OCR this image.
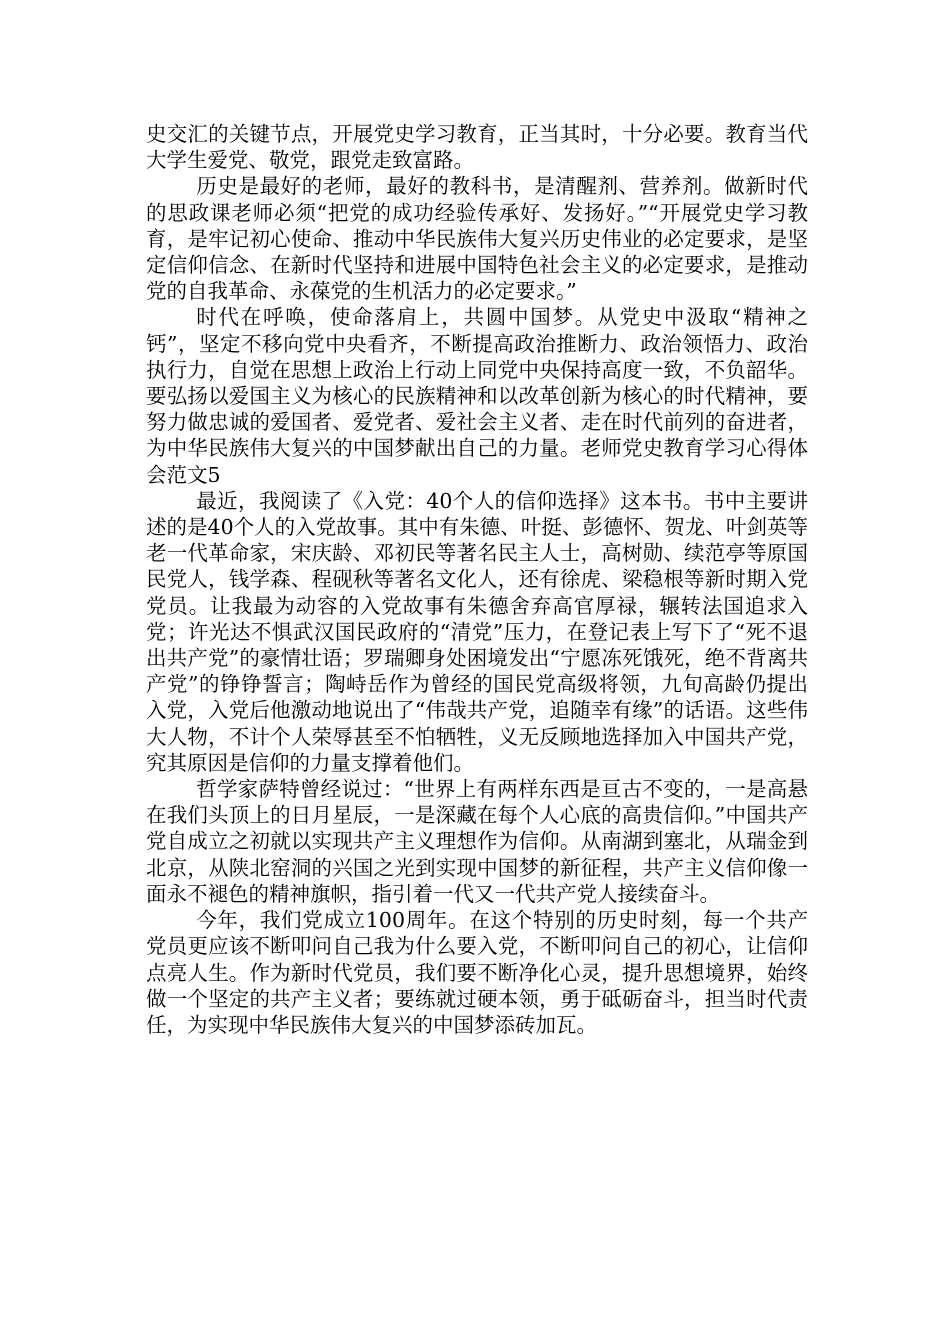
史交汇的关键节点，开展党史学习教育，正当其时，十分必要。教育当代大学生爱党、敬党，跟党走致富路。

历史是最好的老师，最好的教科书，是清醒剂、营养剂。做新时代的思政课老师必须“把党的成功经验传承好、发扬好。”“开展党史学习教育，是牢记初心使命、推动中华民族伟大复兴历史伟业的必定要求，是坚定信仰信念、在新时代坚持和进展中国特色社会主义的必定要求，是推动党的自我革命、永葆党的生机活力的必定要求。”

时代在呼唤，使命落肩上，共圆中国梦。从党史中汲取“精神之钙”，坚定不移向党中央看齐，不断提高政治推断力、政治领悟力、政治执行力，自觉在思想上政治上行动上同党中央保持高度一致，不负韶华。要弘扬以爱国主义为核心的民族精神和以改革创新为核心的时代精神，要努力做忠诚的爱国者、爱党者、爱社会主义者、走在时代前列的奋进者，为中华民族伟大复兴的中国梦献出自己的力量。老师党史教育学习心得体会范文5

最近，我阅读了《入党：40个人的信仰选择》这本书。书中主要讲述的是40个人的入党故事。其中有朱德、叶挺、彭德怀、贺龙、叶剑英等老一代革命家，宋庆龄、邓初民等著名民主人士，高树勋、续范亭等原国民党人，钱学森、程砚秋等著名文化人，还有徐虎、梁稳根等新时期入党党员。让我最为动容的入党故事有朱德舍弃高官厚禄，辗转法国追求入党；许光达不惧武汉国民政府的“清党”压力，在登记表上写下了“死不退出共产党”的豪情壮语；罗瑞卿身处困境发出“宁愿冻死饿死，绝不背离共产党”的铮铮誓言；陶峙岳作为曾经的国民党高级将领，九旬高龄仍提出入党，入党后他激动地说出了“伟哉共产党，追随幸有缘”的话语。这些伟大人物，不计个人荣辱甚至不怕牺牲，义无反顾地选择加入中国共产党，究其原因是信仰的力量支撑着他们。

哲学家萨特曾经说过：“世界上有两样东西是亘古不变的，一是高悬在我们头顶上的日月星辰，一是深藏在每个人心底的高贵信仰。”中国共产党自成立之初就以实现共产主义理想作为信仰。从南湖到塞北，从瑞金到北京，从陕北窑洞的兴国之光到实现中国梦的新征程，共产主义信仰像一面永不褪色的精神旗帜，指引着一代又一代共产党人接续奋斗。

今年，我们党成立100周年。在这个特别的历史时刻，每一个共产党员更应该不断叩问自己我为什么要入党，不断叩问自己的初心，让信仰点亮人生。作为新时代党员，我们要不断净化心灵，提升思想境界，始终做一个坚定的共产主义者；要练就过硬本领，勇于砥砺奋斗，担当时代责任，为实现中华民族伟大复兴的中国梦添砖加瓦。
